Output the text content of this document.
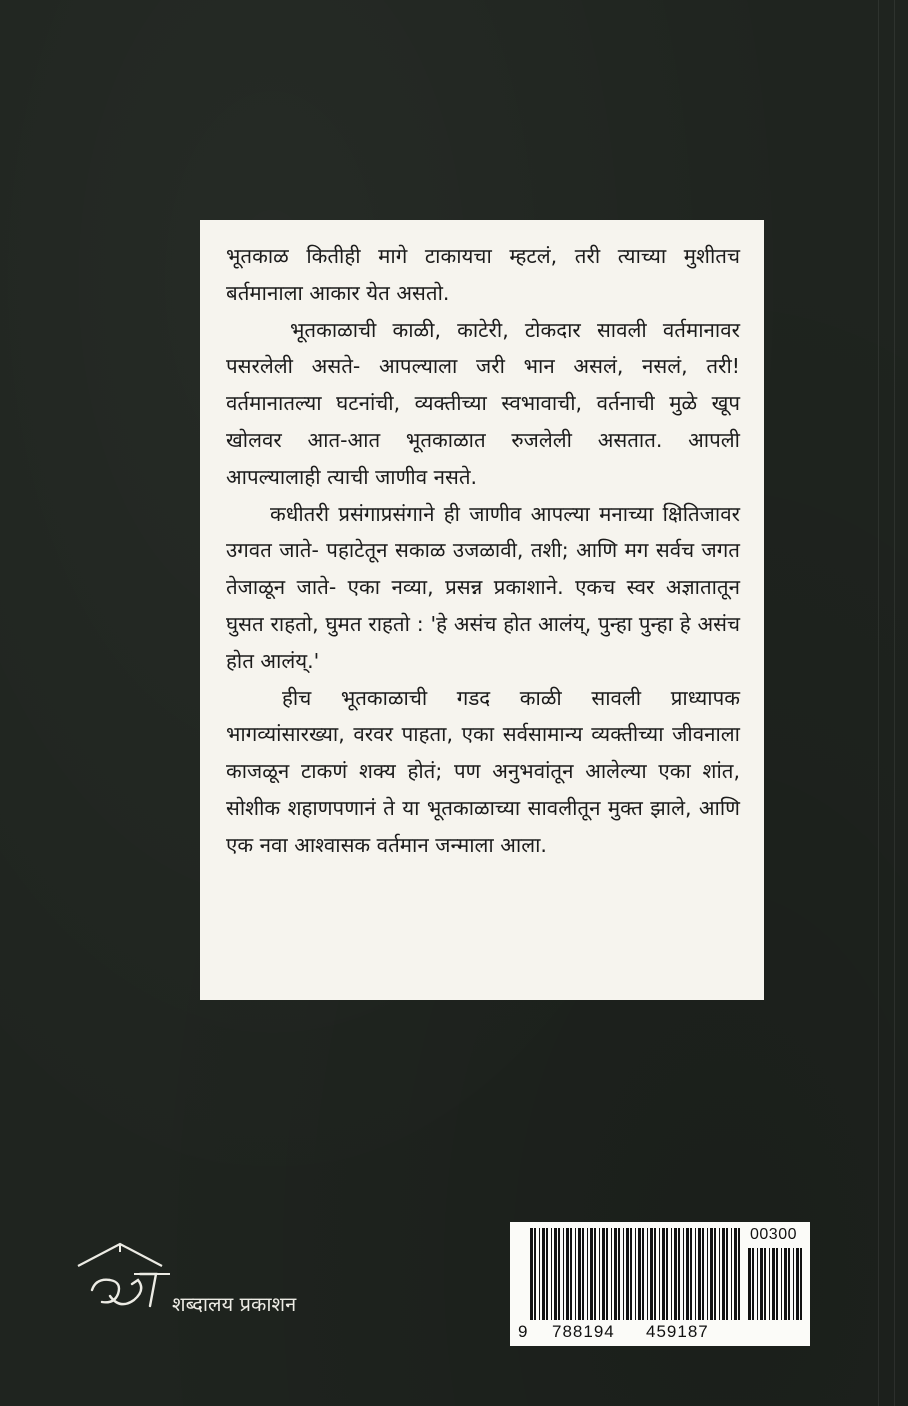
भूतकाळ कितीही मागे टाकायचा म्हटलं, तरी त्याच्या मुशीतच बर्तमानाला आकार येत असतो.

भूतकाळाची काळी, काटेरी, टोकदार सावली वर्तमानावर पसरलेली असते- आपल्याला जरी भान असलं, नसलं, तरी! वर्तमानातल्या घटनांची, व्यक्तीच्या स्वभावाची, वर्तनाची मुळे खूप खोलवर आत-आत भूतकाळात रुजलेली असतात. आपली आपल्यालाही त्याची जाणीव नसते.

कधीतरी प्रसंगाप्रसंगाने ही जाणीव आपल्या मनाच्या क्षितिजावर उगवत जाते- पहाटेतून सकाळ उजळावी, तशी; आणि मग सर्वच जगत तेजाळून जाते- एका नव्या, प्रसन्न प्रकाशाने. एकच स्वर अज्ञातातून घुसत राहतो, घुमत राहतो : 'हे असंच होत आलंय्, पुन्हा पुन्हा हे असंच होत आलंय्.'

हीच भूतकाळाची गडद काळी सावली प्राध्यापक भागव्यांसारख्या, वरवर पाहता, एका सर्वसामान्य व्यक्तीच्या जीवनाला काजळून टाकणं शक्य होतं; पण अनुभवांतून आलेल्या एका शांत, सोशीक शहाणपणानं ते या भूतकाळाच्या सावलीतून मुक्त झाले, आणि एक नवा आश्वासक वर्तमान जन्माला आला.

शब्दालय प्रकाशन
00300
9 788194 459187
